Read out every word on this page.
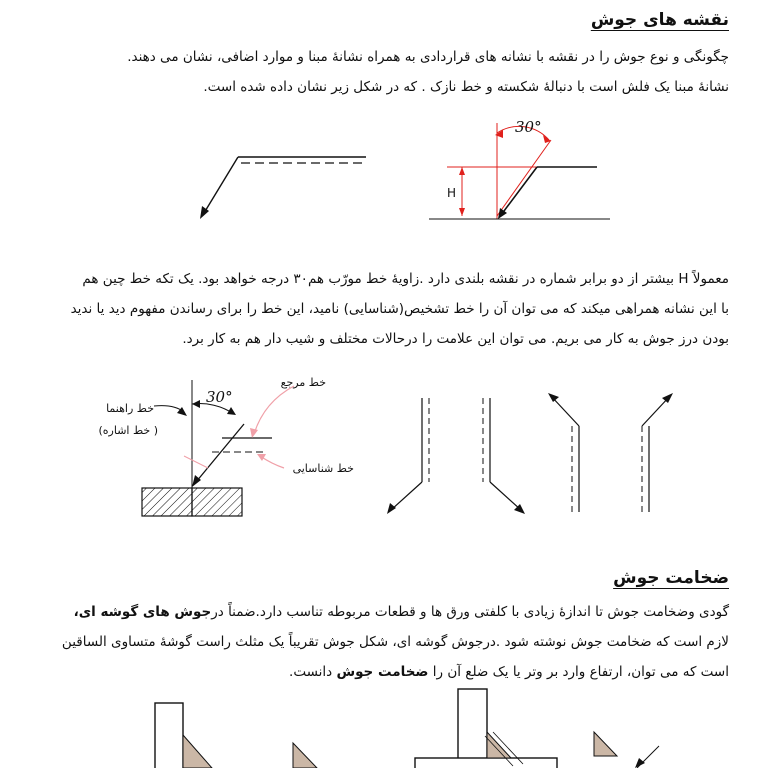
نقشه های جوش

چگونگی و نوع جوش را در نقشه با نشانه های قراردادی به همراه نشانهٔ مبنا و موارد اضافی، نشان می دهند.

نشانهٔ مبنا یک فلش است با دنبالهٔ شکسته و خط نازک . که در شکل زیر نشان داده شده است.

30°
H

معمولاً H بیشتر از دو برابر شماره در نقشه بلندی دارد .زاویهٔ خط مورّب هم۳۰ درجه خواهد بود. یک تکه خط چین هم

با این نشانه همراهی میکند که می توان آن را خط تشخیص(شناسایی) نامید، این خط را برای رساندن مفهوم دید یا ندید

بودن درز جوش به کار می بریم. می توان این علامت را درحالات مختلف و شیب دار هم به کار برد.

30°
خط مرجع
خط راهنما
(خط اشاره )
خط شناسایی
ضخامت جوش

گودی وضخامت جوش تا اندازهٔ زیادی با کلفتی ورق ها و قطعات مربوطه تناسب دارد.ضمناً درجوش های گوشه ای،

لازم است که ضخامت جوش نوشته شود .درجوش گوشه ای، شکل جوش تقریباً یک مثلث راست گوشهٔ متساوی الساقین

است که می توان، ارتفاع وارد بر وتر یا یک ضلع آن را ضخامت جوش دانست.
